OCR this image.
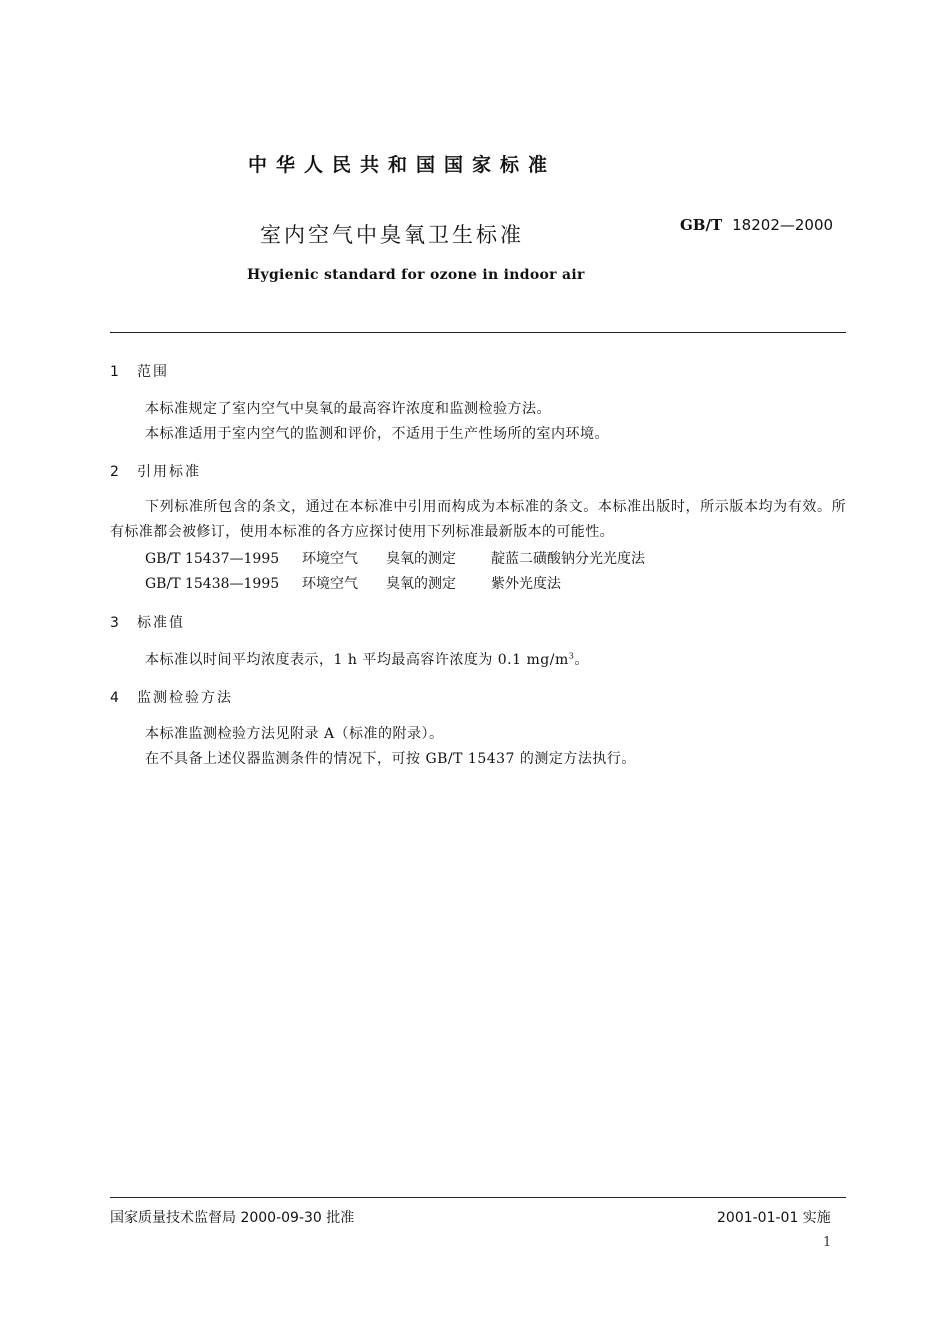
中华人民共和国国家标准
室内空气中臭氧卫生标准	GB/T 18202—2000
Hygienic standard for ozone in indoor air
1 范围
本标准规定了室内空气中臭氧的最高容许浓度和监测检验方法。
本标准适用于室内空气的监测和评价，不适用于生产性场所的室内环境。
2 引用标准
下列标准所包含的条文，通过在本标准中引用而构成为本标准的条文。本标准出版时，所示版本均为有效。所有标准都会被修订，使用本标准的各方应探讨使用下列标准最新版本的可能性。
GB/T 15437—1995 环境空气 臭氧的测定	靛蓝二磺酸钠分光光度法
GB/T 15438—1995 环境空气 臭氧的测定	紫外光度法
3 标准值
本标准以时间平均浓度表示，1 h 平均最高容许浓度为 0.1 $mg/m^3$。
4 监测检验方法
本标准监测检验方法见附录 A（标准的附录）。
在不具备上述仪器监测条件的情况下，可按 GB/T 15437 的测定方法执行。
国家质量技术监督局 2000-09-30 批准	2001-01-01 实施
1
